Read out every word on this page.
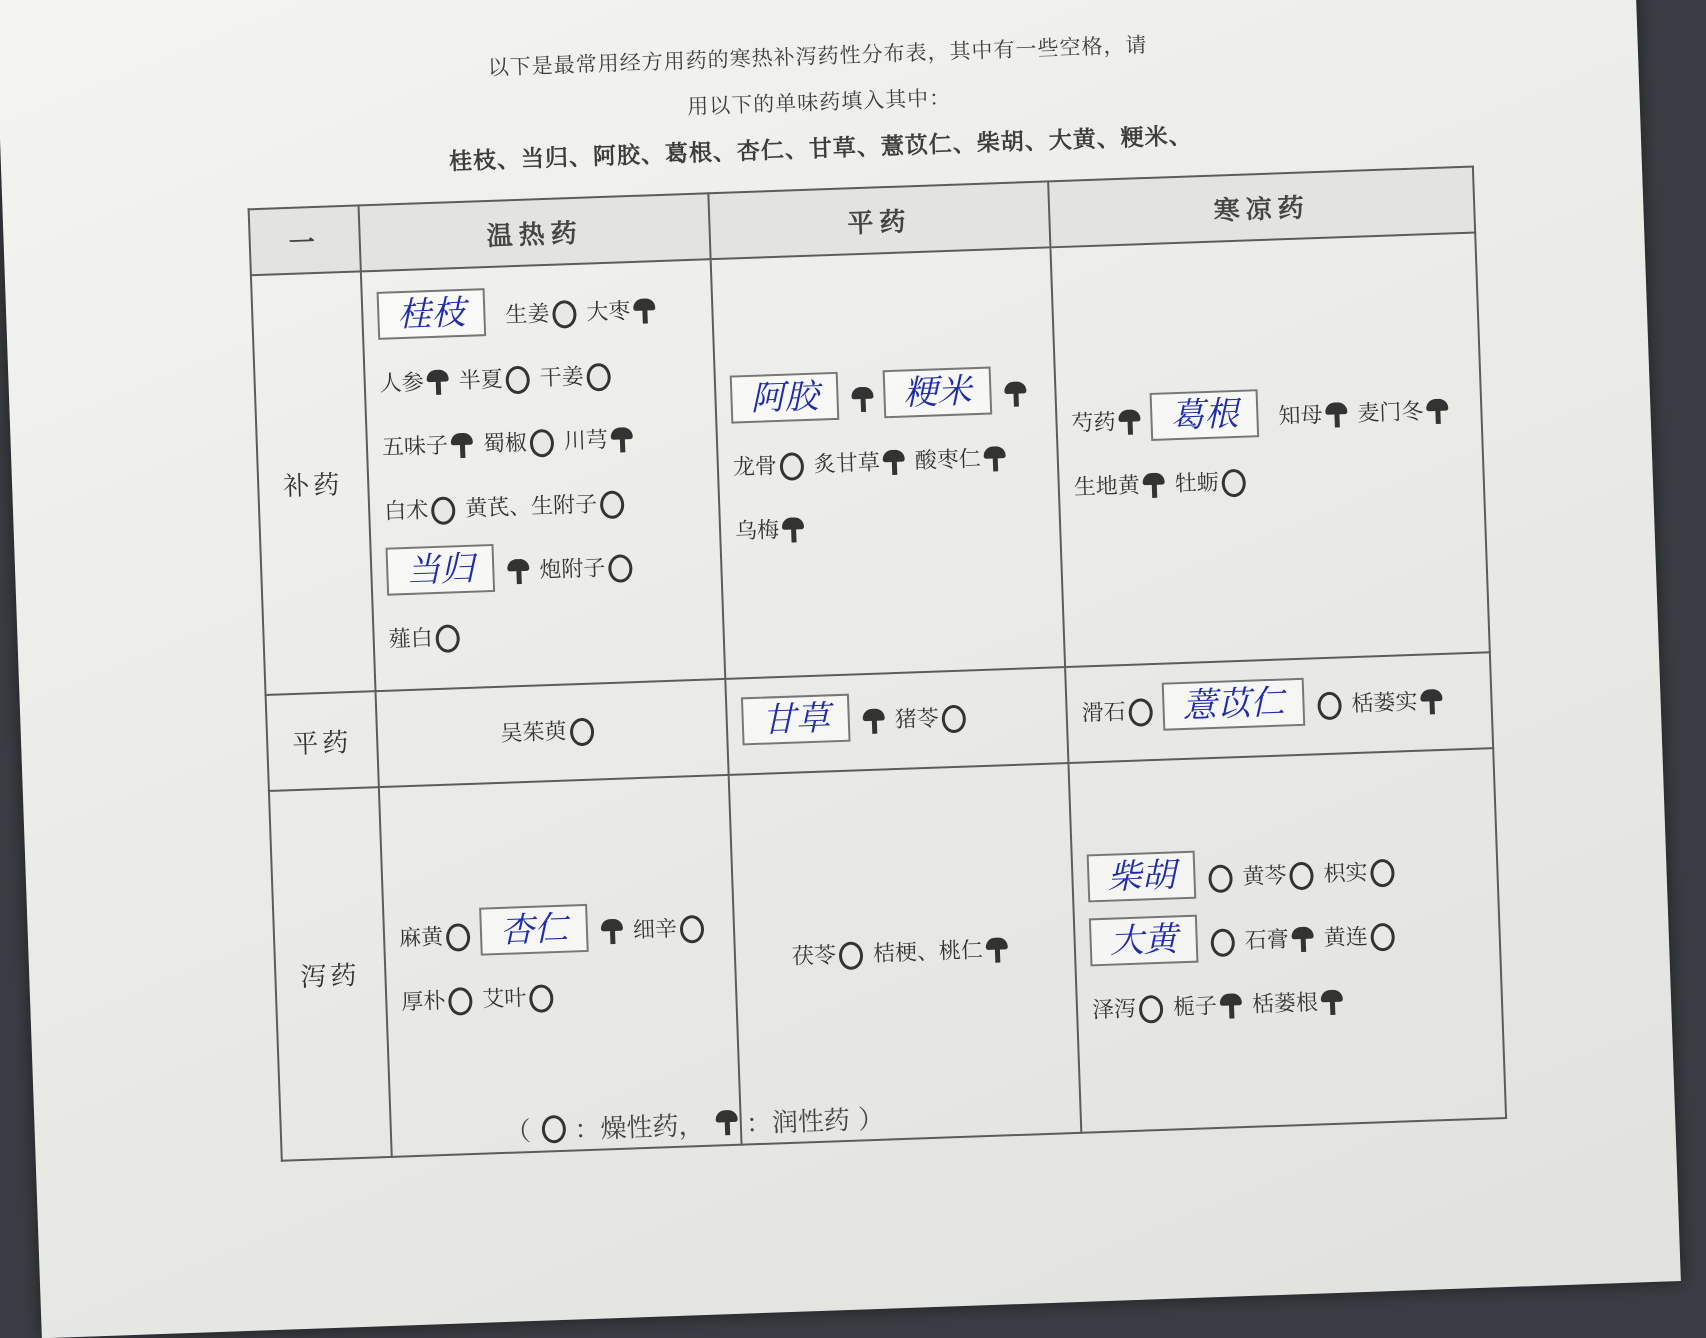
以下是最常用经方用药的寒热补泻药性分布表，其中有一些空格，请
用以下的单味药填入其中：
桂枝、当归、阿胶、葛根、杏仁、甘草、薏苡仁、柴胡、大黄、粳米、
一	温热药	平药	寒凉药
补药	桂枝 生姜 大枣人参 半夏 干姜五味子 蜀椒 川芎白术 黄芪、生附子当归 炮附子薤白	阿胶 粳米龙骨 炙甘草 酸枣仁乌梅	芍药 葛根 知母 麦门冬生地黄 牡蛎
平药	吴茱萸	甘草 猪苓	滑石 薏苡仁 栝蒌实
泻药	麻黄 杏仁 细辛厚朴 艾叶	茯苓 桔梗、桃仁	柴胡 黄芩 枳实大黄 石膏 黄连泽泻 栀子 栝蒌根
（ ：燥性药， ：润性药 ）
